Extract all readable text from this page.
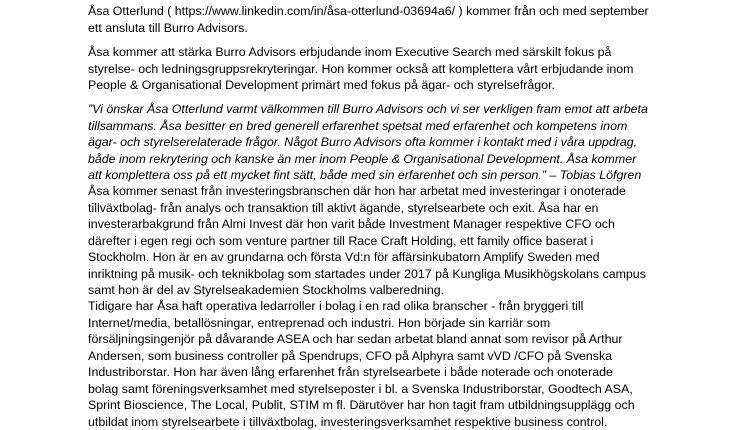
Åsa Otterlund ( https://www.linkedin.com/in/åsa-otterlund-03694a6/ ) kommer från och med september
ett ansluta till Burro Advisors.

Åsa kommer att stärka Burro Advisors erbjudande inom Executive Search med särskilt fokus på
styrelse- och ledningsgruppsrekryteringar. Hon kommer också att komplettera vårt erbjudande inom
People & Organisational Development primärt med fokus på ägar- och styrelsefrågor.

”Vi önskar Åsa Otterlund varmt välkommen till Burro Advisors och vi ser verkligen fram emot att arbeta
tillsammans. Åsa besitter en bred generell erfarenhet spetsat med erfarenhet och kompetens inom
ägar- och styrelserelaterade frågor. Något Burro Advisors ofta kommer i kontakt med i våra uppdrag,
både inom rekrytering och kanske än mer inom People & Organisational Development. Åsa kommer
att komplettera oss på ett mycket fint sätt, både med sin erfarenhet och sin person.” – Tobias Löfgren

Åsa kommer senast från investeringsbranschen där hon har arbetat med investeringar i onoterade
tillväxtbolag- från analys och transaktion till aktivt ägande, styrelsearbete och exit. Åsa har en
investerarbakgrund från Almi Invest där hon varit både Investment Manager respektive CFO och
därefter i egen regi och som venture partner till Race Craft Holding, ett family office baserat i
Stockholm. Hon är en av grundarna och första Vd:n för affärsinkubatorn Amplify Sweden med
inriktning på musik- och teknikbolag som startades under 2017 på Kungliga Musikhögskolans campus
samt hon är del av Styrelseakademien Stockholms valberedning.

Tidigare har Åsa haft operativa ledarroller i bolag i en rad olika branscher - från bryggeri till
Internet/media, betallösningar, entreprenad och industri. Hon började sin karriär som
försäljningsingenjör på dåvarande ASEA och har sedan arbetat bland annat som revisor på Arthur
Andersen, som business controller på Spendrups, CFO på Alphyra samt vVD /CFO på Svenska
Industriborstar. Hon har även lång erfarenhet från styrelsearbete i både noterade och onoterade
bolag samt föreningsverksamhet med styrelseposter i bl. a Svenska Industriborstar, Goodtech ASA,
Sprint Bioscience, The Local, Publit, STIM m fl. Därutöver har hon tagit fram utbildningsupplägg och
utbildat inom styrelsearbete i tillväxtbolag, investeringsverksamhet respektive business control.
